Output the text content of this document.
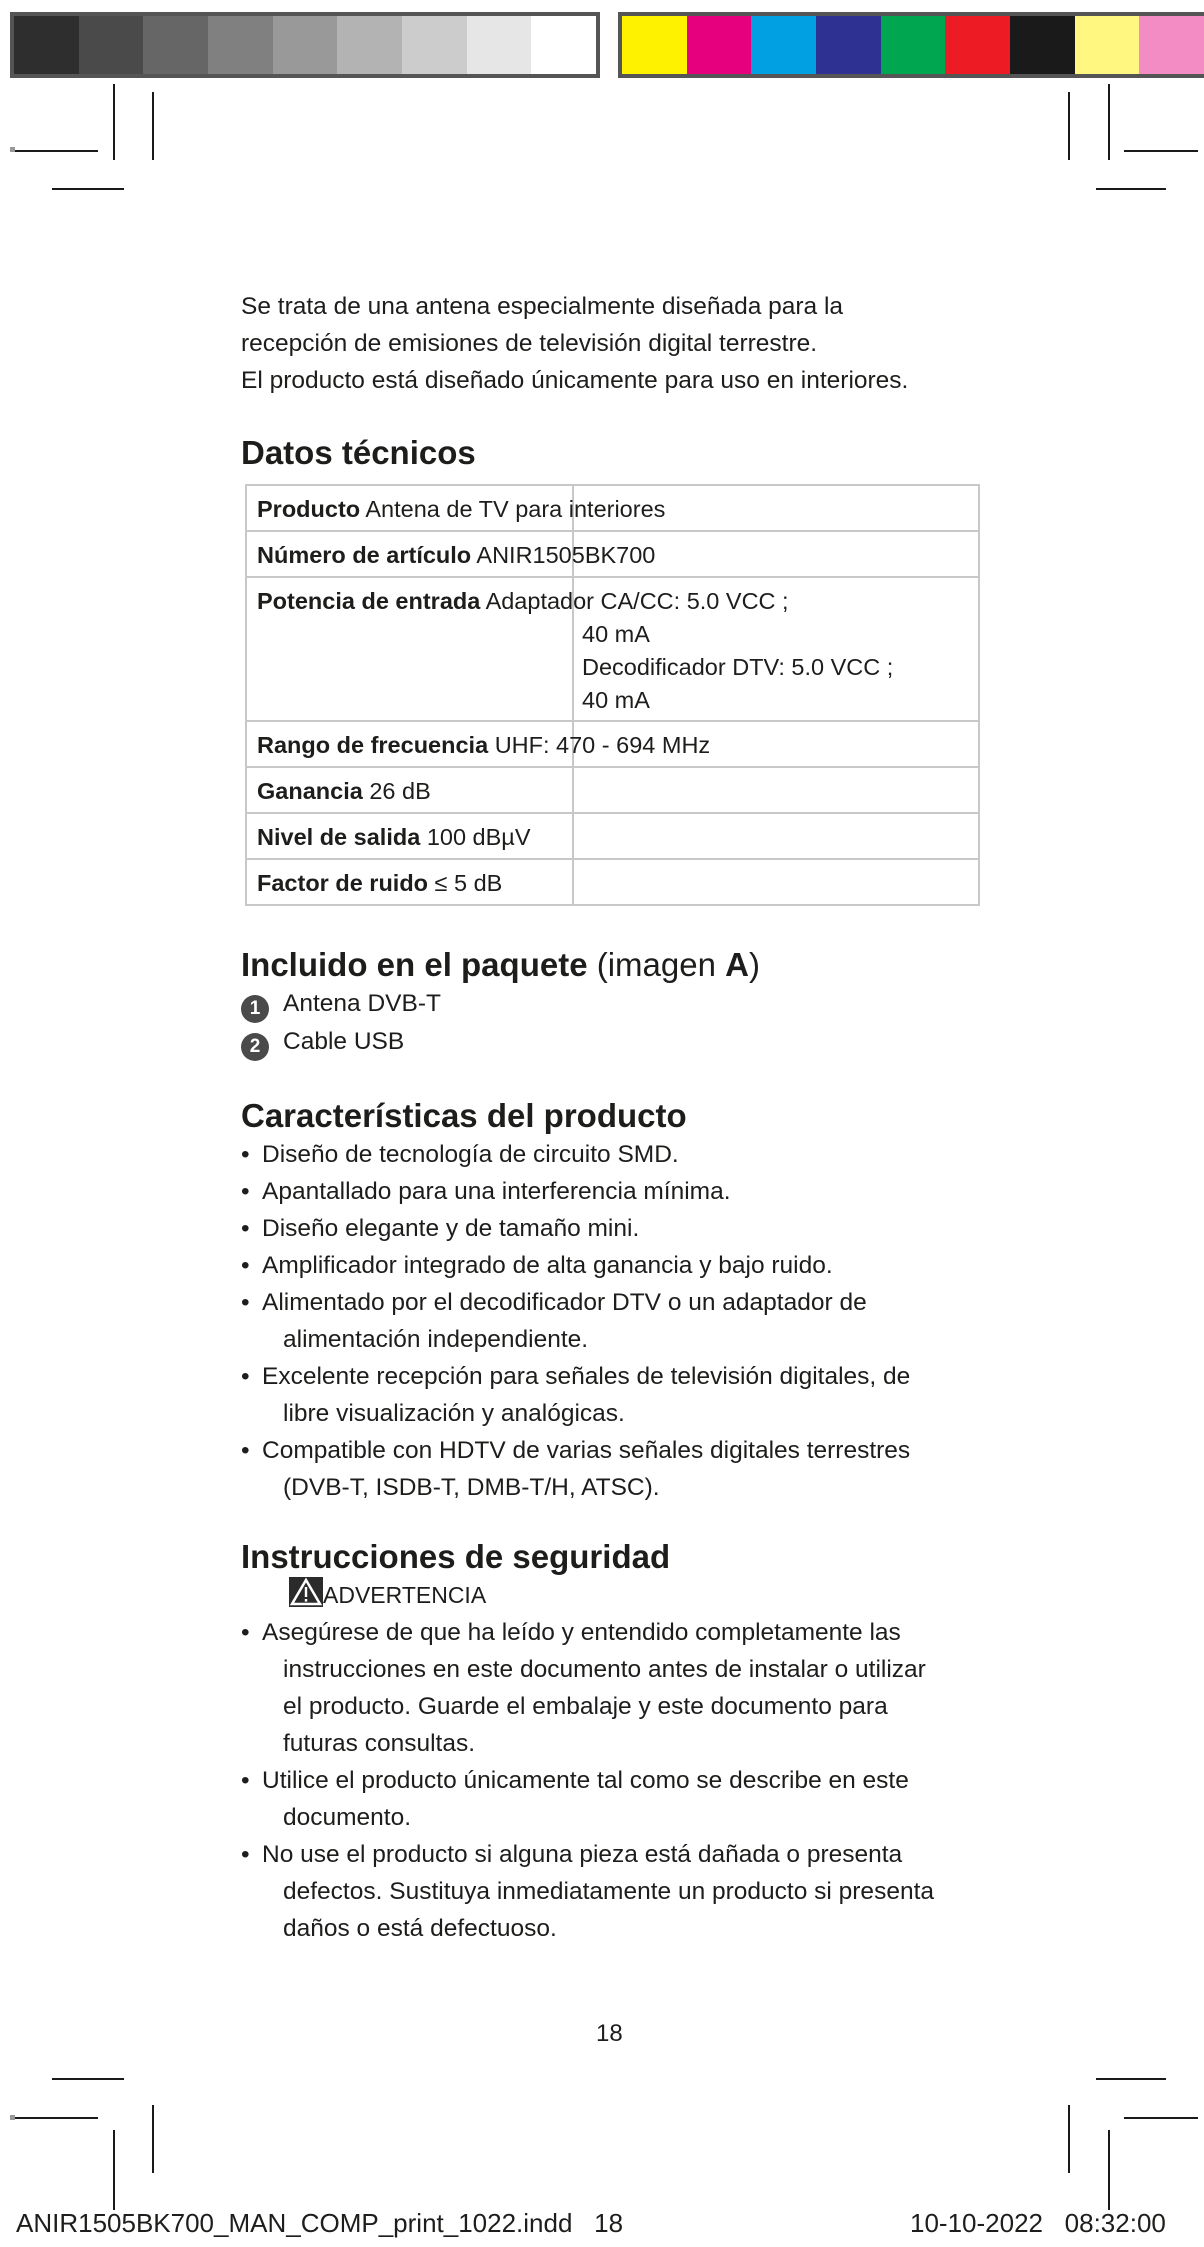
Se trata de una antena especialmente diseñada para la

recepción de emisiones de televisión digital terrestre.

El producto está diseñado únicamente para uso en interiores.

Datos técnicos
Producto Antena de TV para interiores	

Número de artículo ANIR1505BK700	

Potencia de entrada Adaptador CA/CC: 5.0 VCC ;
40 mA
Decodificador DTV: 5.0 VCC ;
40 mA	

Rango de frecuencia UHF: 470 - 694 MHz	

Ganancia 26 dB	

Nivel de salida 100 dBµV	

Factor de ruido ≤ 5 dB	

Incluido en el paquete (imagen A)
1 Antena DVB-T
2 Cable USB
Características del producto
• Diseño de tecnología de circuito SMD.
• Apantallado para una interferencia mínima.
• Diseño elegante y de tamaño mini.
• Amplificador integrado de alta ganancia y bajo ruido.
• Alimentado por el decodificador DTV o un adaptador de
alimentación independiente.
• Excelente recepción para señales de televisión digitales, de
libre visualización y analógicas.
• Compatible con HDTV de varias señales digitales terrestres
(DVB-T, ISDB-T, DMB-T/H, ATSC).
Instrucciones de seguridad
ADVERTENCIA
• Asegúrese de que ha leído y entendido completamente las
instrucciones en este documento antes de instalar o utilizar
el producto. Guarde el embalaje y este documento para
futuras consultas.
• Utilice el producto únicamente tal como se describe en este
documento.
• No use el producto si alguna pieza está dañada o presenta
defectos. Sustituya inmediatamente un producto si presenta
daños o está defectuoso.
18
ANIR1505BK700_MAN_COMP_print_1022.indd   18	10-10-2022   08:32:00
